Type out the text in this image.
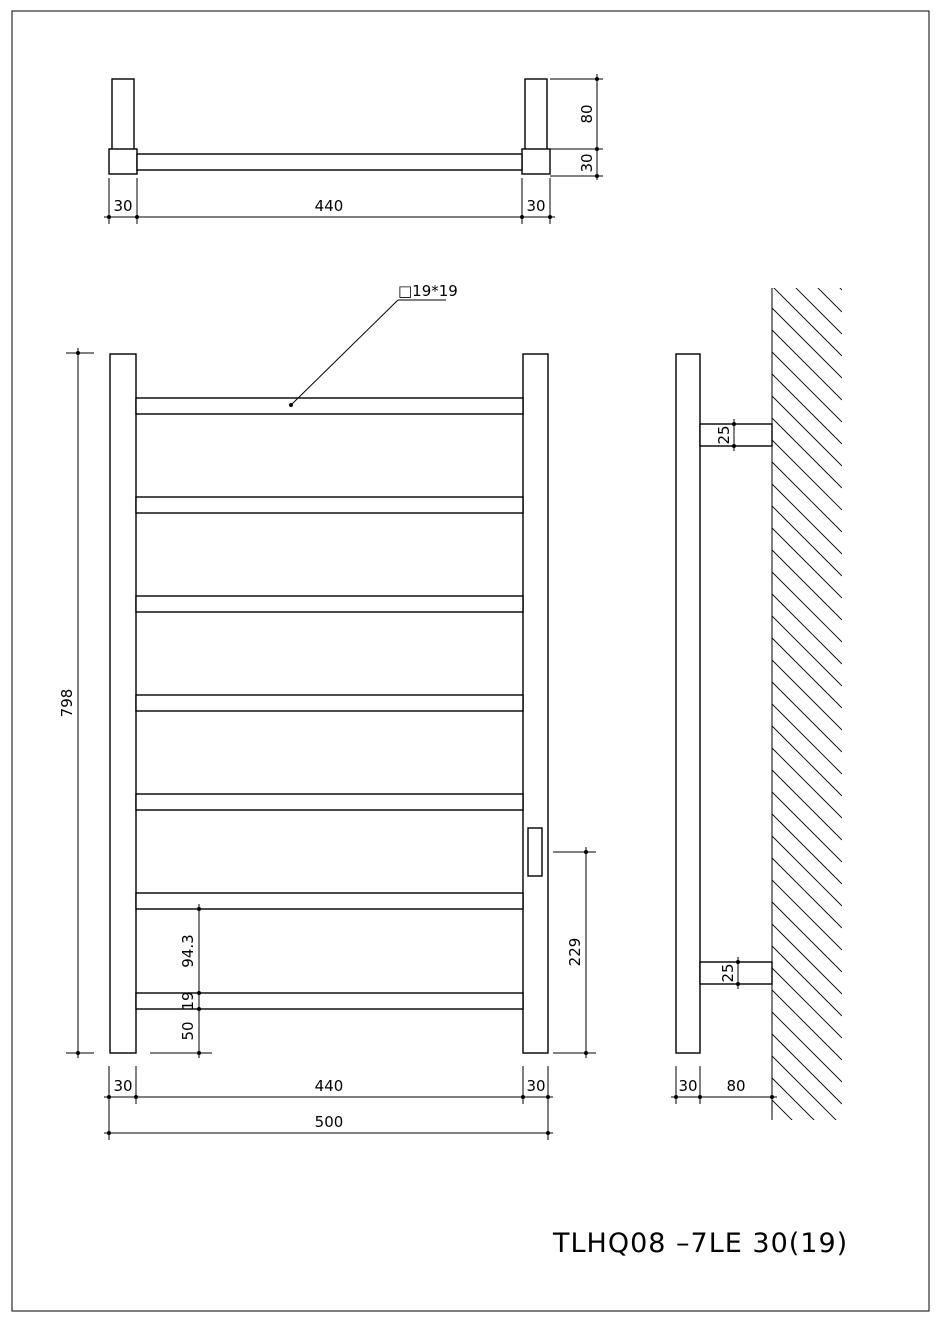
80
30
30	440	30
□19*19
798
94.3
19
50
229
30	440	30
500
25
25
30 80
TLHQ08 –7LE 30(19)
